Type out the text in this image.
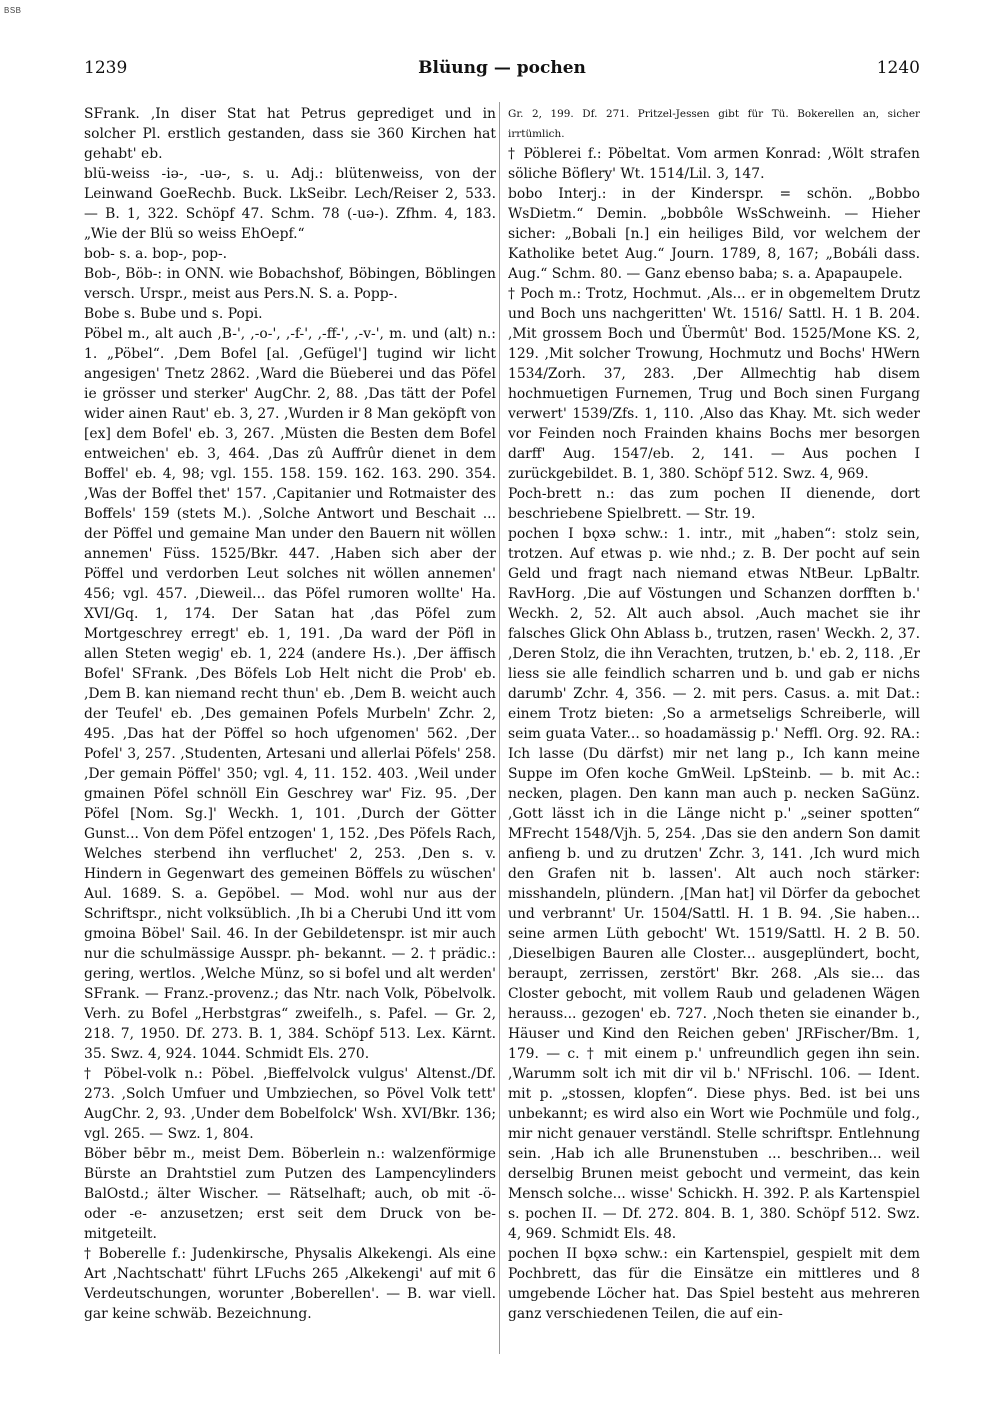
BSB
1239	Blüung — pochen	1240

SFrank. ,In diser Stat hat Petrus geprediget und in solcher Pl. erstlich gestanden, dass sie 360 Kirchen hat gehabt' eb.

blü-weiss -iə-, -uə-, s. u. Adj.: blütenweiss, von der Leinwand GoeRechb. Buck. LkSeibr. Lech/Reiser 2, 533. — B. 1, 322. Schöpf 47. Schm. 78 (-uə-). Zfhm. 4, 183. „Wie der Blü so weiss EhOepf.“

bob- s. a. bop-, pop-.

Bob-, Böb-: in ONN. wie Bobachshof, Böbingen, Böblingen versch. Urspr., meist aus Pers.N. S. a. Popp-.

Bobe s. Bube und s. Popi.

Pöbel m., alt auch ,B-', ,-o-', ,-f-', ,-ff-', ,-v-', m. und (alt) n.: 1. „Pöbel“. ,Dem Bofel [al. ,Gefügel'] tugind wir licht angesigen' Tnetz 2862. ,Ward die Büeberei und das Pöfel ie grösser und sterker' AugChr. 2, 88. ,Das tätt der Pofel wider ainen Raut' eb. 3, 27. ,Wurden ir 8 Man geköpft von [ex] dem Bofel' eb. 3, 267. ,Müsten die Besten dem Bofel entweichen' eb. 3, 464. ,Das zû Auffrûr dienet in dem Boffel' eb. 4, 98; vgl. 155. 158. 159. 162. 163. 290. 354. ,Was der Boffel thet' 157. ,Capitanier und Rotmaister des Boffels' 159 (stets M.). ,Solche Antwort und Beschait ... der Pöffel und gemaine Man under den Bauern nit wöllen annemen' Füss. 1525/Bkr. 447. ,Haben sich aber der Pöffel und verdorben Leut solches nit wöllen annemen' 456; vgl. 457. ,Dieweil... das Pöfel rumoren wollte' Ha. XVI/Gq. 1, 174. Der Satan hat ,das Pöfel zum Mortgeschrey erregt' eb. 1, 191. ,Da ward der Pöfl in allen Steten wegig' eb. 1, 224 (andere Hs.). ,Der äffisch Bofel' SFrank. ,Des Böfels Lob Helt nicht die Prob' eb. ,Dem B. kan niemand recht thun' eb. ,Dem B. weicht auch der Teufel' eb. ,Des gemainen Pofels Murbeln' Zchr. 2, 495. ,Das hat der Pöffel so hoch ufgenomen' 562. ,Der Pofel' 3, 257. ,Studenten, Artesani und allerlai Pöfels' 258. ,Der gemain Pöffel' 350; vgl. 4, 11. 152. 403. ,Weil under gmainen Pöfel schnöll Ein Geschrey war' Fiz. 95. ,Der Pöfel [Nom. Sg.]' Weckh. 1, 101. ,Durch der Götter Gunst... Von dem Pöfel entzogen' 1, 152. ,Des Pöfels Rach, Welches sterbend ihn verfluchet' 2, 253. ,Den s. v. Hindern in Gegenwart des gemeinen Böffels zu wüschen' Aul. 1689. S. a. Gepöbel. — Mod. wohl nur aus der Schriftspr., nicht volksüblich. ,Ih bi a Cherubi Und itt vom gmoina Böbel' Sail. 46. In der Gebildetenspr. ist mir auch nur die schulmässige Ausspr. ph- bekannt. — 2. † prädic.: gering, wertlos. ,Welche Münz, so si bofel und alt werden' SFrank. — Franz.-provenz.; das Ntr. nach Volk, Pöbelvolk. Verh. zu Bofel „Herbstgras“ zweifelh., s. Pafel. — Gr. 2, 218. 7, 1950. Df. 273. B. 1, 384. Schöpf 513. Lex. Kärnt. 35. Swz. 4, 924. 1044. Schmidt Els. 270.

† Pöbel-volk n.: Pöbel. ,Bieffelvolck vulgus' Altenst./Df. 273. ,Solch Umfuer und Umbziechen, so Pövel Volk tett' AugChr. 2, 93. ,Under dem Bobelfolck' Wsh. XVI/Bkr. 136; vgl. 265. — Swz. 1, 804.

Böber bēbr m., meist Dem. Böberlein n.: walzenförmige Bürste an Drahtstiel zum Putzen des Lampencylinders BalOstd.; älter Wischer. — Rätselhaft; auch, ob mit -ö- oder -e- anzusetzen; erst seit dem Druck von be- mitgeteilt.

† Boberelle f.: Judenkirsche, Physalis Alkekengi. Als eine Art ,Nachtschatt' führt LFuchs 265 ,Alkekengi' auf mit 6 Verdeutschungen, worunter ,Boberellen'. — B. war viell. gar keine schwäb. Bezeichnung.

Gr. 2, 199. Df. 271. Pritzel-Jessen gibt für Tü. Bokerellen an, sicher irrtümlich.

† Pöblerei f.: Pöbeltat. Vom armen Konrad: ,Wölt strafen söliche Böflery' Wt. 1514/Lil. 3, 147.

bobo Interj.: in der Kinderspr. = schön. „Bobbo WsDietm.“ Demin. „bobbôle WsSchweinh. — Hieher sicher: „Bobali [n.] ein heiliges Bild, vor welchem der Katholike betet Aug.“ Journ. 1789, 8, 167; „Bobáli dass. Aug.“ Schm. 80. — Ganz ebenso baba; s. a. Apapaupele.

† Poch m.: Trotz, Hochmut. ,Als... er in obgemeltem Drutz und Boch uns nachgeritten' Wt. 1516/ Sattl. H. 1 B. 204. ,Mit grossem Boch und Übermût' Bod. 1525/Mone KS. 2, 129. ,Mit solcher Trowung, Hochmutz und Bochs' HWern 1534/Zorh. 37, 283. ,Der Allmechtig hab disem hochmuetigen Furnemen, Trug und Boch sinen Furgang verwert' 1539/Zfs. 1, 110. ,Also das Khay. Mt. sich weder vor Feinden noch Frainden khains Bochs mer besorgen darff' Aug. 1547/eb. 2, 141. — Aus pochen I zurückgebildet. B. 1, 380. Schöpf 512. Swz. 4, 969.

Poch-brett n.: das zum pochen II dienende, dort beschriebene Spielbrett. — Str. 19.

pochen I bǫxə schw.: 1. intr., mit „haben“: stolz sein, trotzen. Auf etwas p. wie nhd.; z. B. Der pocht auf sein Geld und fragt nach niemand etwas NtBeur. LpBaltr. RavHorg. ,Die auf Vöstungen und Schanzen dorfften b.' Weckh. 2, 52. Alt auch absol. ,Auch machet sie ihr falsches Glick Ohn Ablass b., trutzen, rasen' Weckh. 2, 37. ,Deren Stolz, die ihn Verachten, trutzen, b.' eb. 2, 118. ,Er liess sie alle feindlich scharren und b. und gab er nichs darumb' Zchr. 4, 356. — 2. mit pers. Casus. a. mit Dat.: einem Trotz bieten: ,So a armetseligs Schreiberle, will seim guata Vater... so hoadamässig p.' Neffl. Org. 92. RA.: Ich lasse (Du därfst) mir net lang p., Ich kann meine Suppe im Ofen koche GmWeil. LpSteinb. — b. mit Ac.: necken, plagen. Den kann man auch p. necken SaGünz. ,Gott lässt ich in die Länge nicht p.' „seiner spotten“ MFrecht 1548/Vjh. 5, 254. ,Das sie den andern Son damit anfieng b. und zu drutzen' Zchr. 3, 141. ,Ich wurd mich den Grafen nit b. lassen'. Alt auch noch stärker: misshandeln, plündern. ,[Man hat] vil Dörfer da gebochet und verbrannt' Ur. 1504/Sattl. H. 1 B. 94. ,Sie haben... seine armen Lüth gebocht' Wt. 1519/Sattl. H. 2 B. 50. ,Dieselbigen Bauren alle Closter... ausgeplündert, bocht, beraupt, zerrissen, zerstört' Bkr. 268. ,Als sie... das Closter gebocht, mit vollem Raub und geladenen Wägen herauss... gezogen' eb. 727. ,Noch theten sie einander b., Häuser und Kind den Reichen geben' JRFischer/Bm. 1, 179. — c. † mit einem p.' unfreundlich gegen ihn sein. ,Warumm solt ich mit dir vil b.' NFrischl. 106. — Ident. mit p. „stossen, klopfen“. Diese phys. Bed. ist bei uns unbekannt; es wird also ein Wort wie Pochmüle und folg., mir nicht genauer verständl. Stelle schriftspr. Entlehnung sein. ,Hab ich alle Brunenstuben ... beschriben... weil derselbig Brunen meist gebocht und vermeint, das kein Mensch solche... wisse' Schickh. H. 392. P. als Kartenspiel s. pochen II. — Df. 272. 804. B. 1, 380. Schöpf 512. Swz. 4, 969. Schmidt Els. 48.

pochen II bǫxə schw.: ein Kartenspiel, gespielt mit dem Pochbrett, das für die Einsätze ein mittleres und 8 umgebende Löcher hat. Das Spiel besteht aus mehreren ganz verschiedenen Teilen, die auf ein-
